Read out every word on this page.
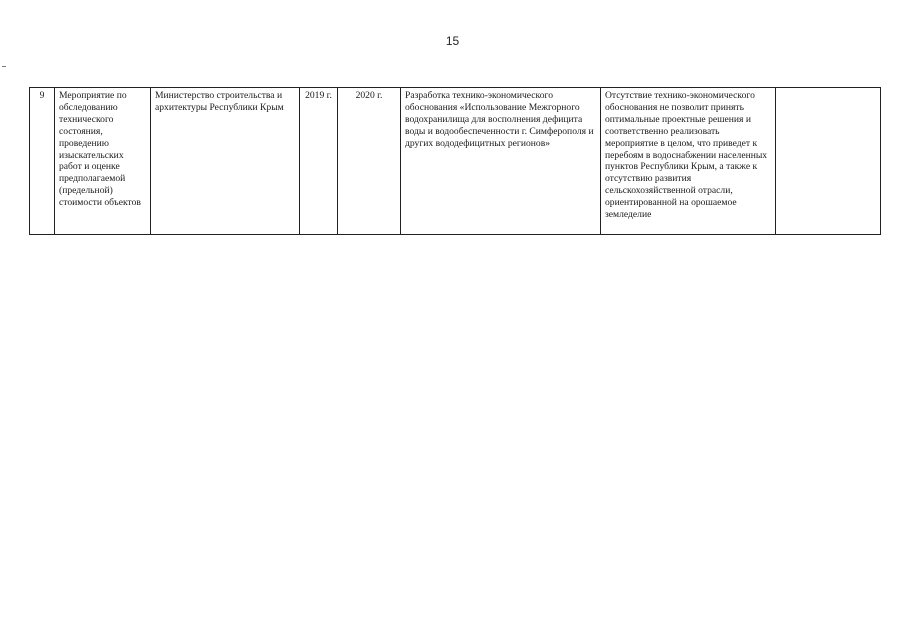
15
9	Мероприятие по обследованию технического состояния, проведению изыскательских работ и оценке предполагаемой (предельной) стоимости объектов	Министерство строительства и архитектуры Республики Крым	2019 г.	2020 г.	Разработка технико-экономического обоснования «Использование Межгорного водохранилища для восполнения дефицита воды и водообеспеченности г. Симферополя и других вододефицитных регионов»	Отсутствие технико-экономического обоснования не позволит принять оптимальные проектные решения и соответственно реализовать мероприятие в целом, что приведет к перебоям в водоснабжении населенных пунктов Республики Крым, а также к отсутствию развития сельскохозяйственной отрасли, ориентированной на орошаемое земледелие	
